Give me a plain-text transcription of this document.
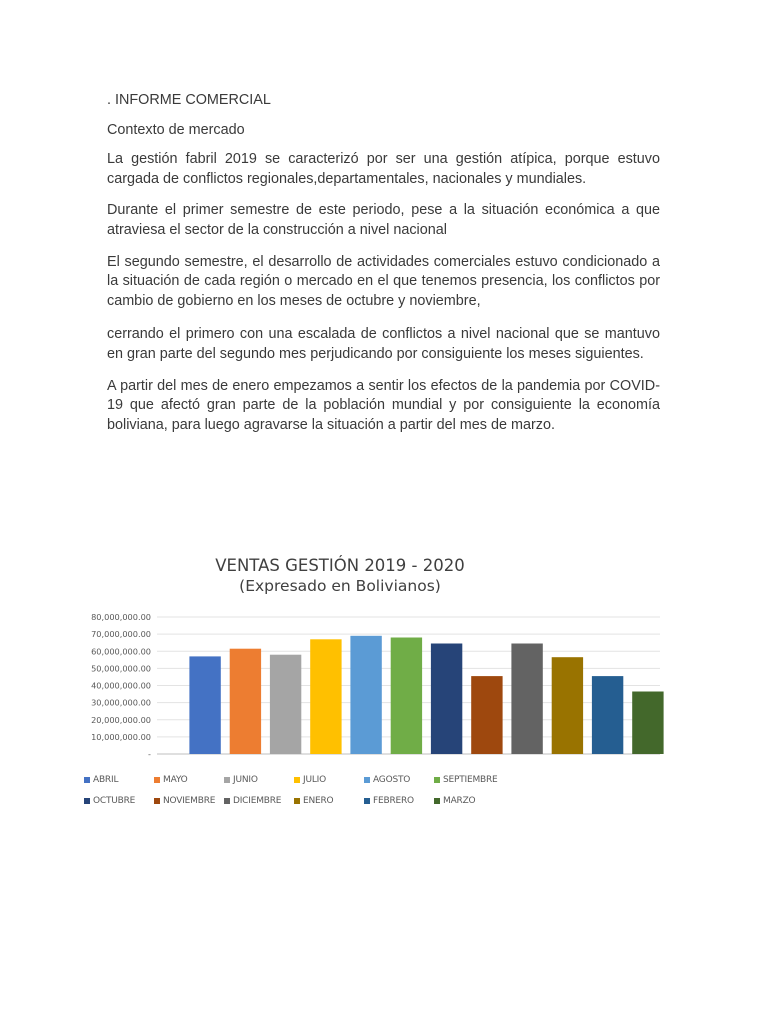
. INFORME COMERCIAL

Contexto de mercado

La gestión fabril 2019 se caracterizó por ser una gestión atípica, porque estuvo cargada de conflictos regionales,departamentales, nacionales y mundiales.

Durante el primer semestre de este periodo, pese a la situación económica a que atraviesa el sector de la construcción a nivel nacional

El segundo semestre, el desarrollo de actividades comerciales estuvo condicionado a la situación de cada región o mercado en el que tenemos presencia, los conflictos por cambio de gobierno en los meses de octubre y noviembre,

cerrando el primero con una escalada de conflictos a nivel nacional que se mantuvo en gran parte del segundo mes perjudicando por consiguiente los meses siguientes.

A partir del mes de enero empezamos a sentir los efectos de la pandemia por COVID-19 que afectó gran parte de la población mundial y por consiguiente la economía boliviana, para luego agravarse la situación a partir del mes de marzo.

VENTAS GESTIÓN 2019 - 2020
(Expresado en Bolivianos)
-
10,000,000.00
20,000,000.00
30,000,000.00
40,000,000.00
50,000,000.00
60,000,000.00
70,000,000.00
80,000,000.00
ABRIL	MAYO	JUNIO	JULIO	AGOSTO	SEPTIEMBRE
OCTUBRE	NOVIEMBRE DICIEMBRE ENERO	FEBRERO	MARZO
